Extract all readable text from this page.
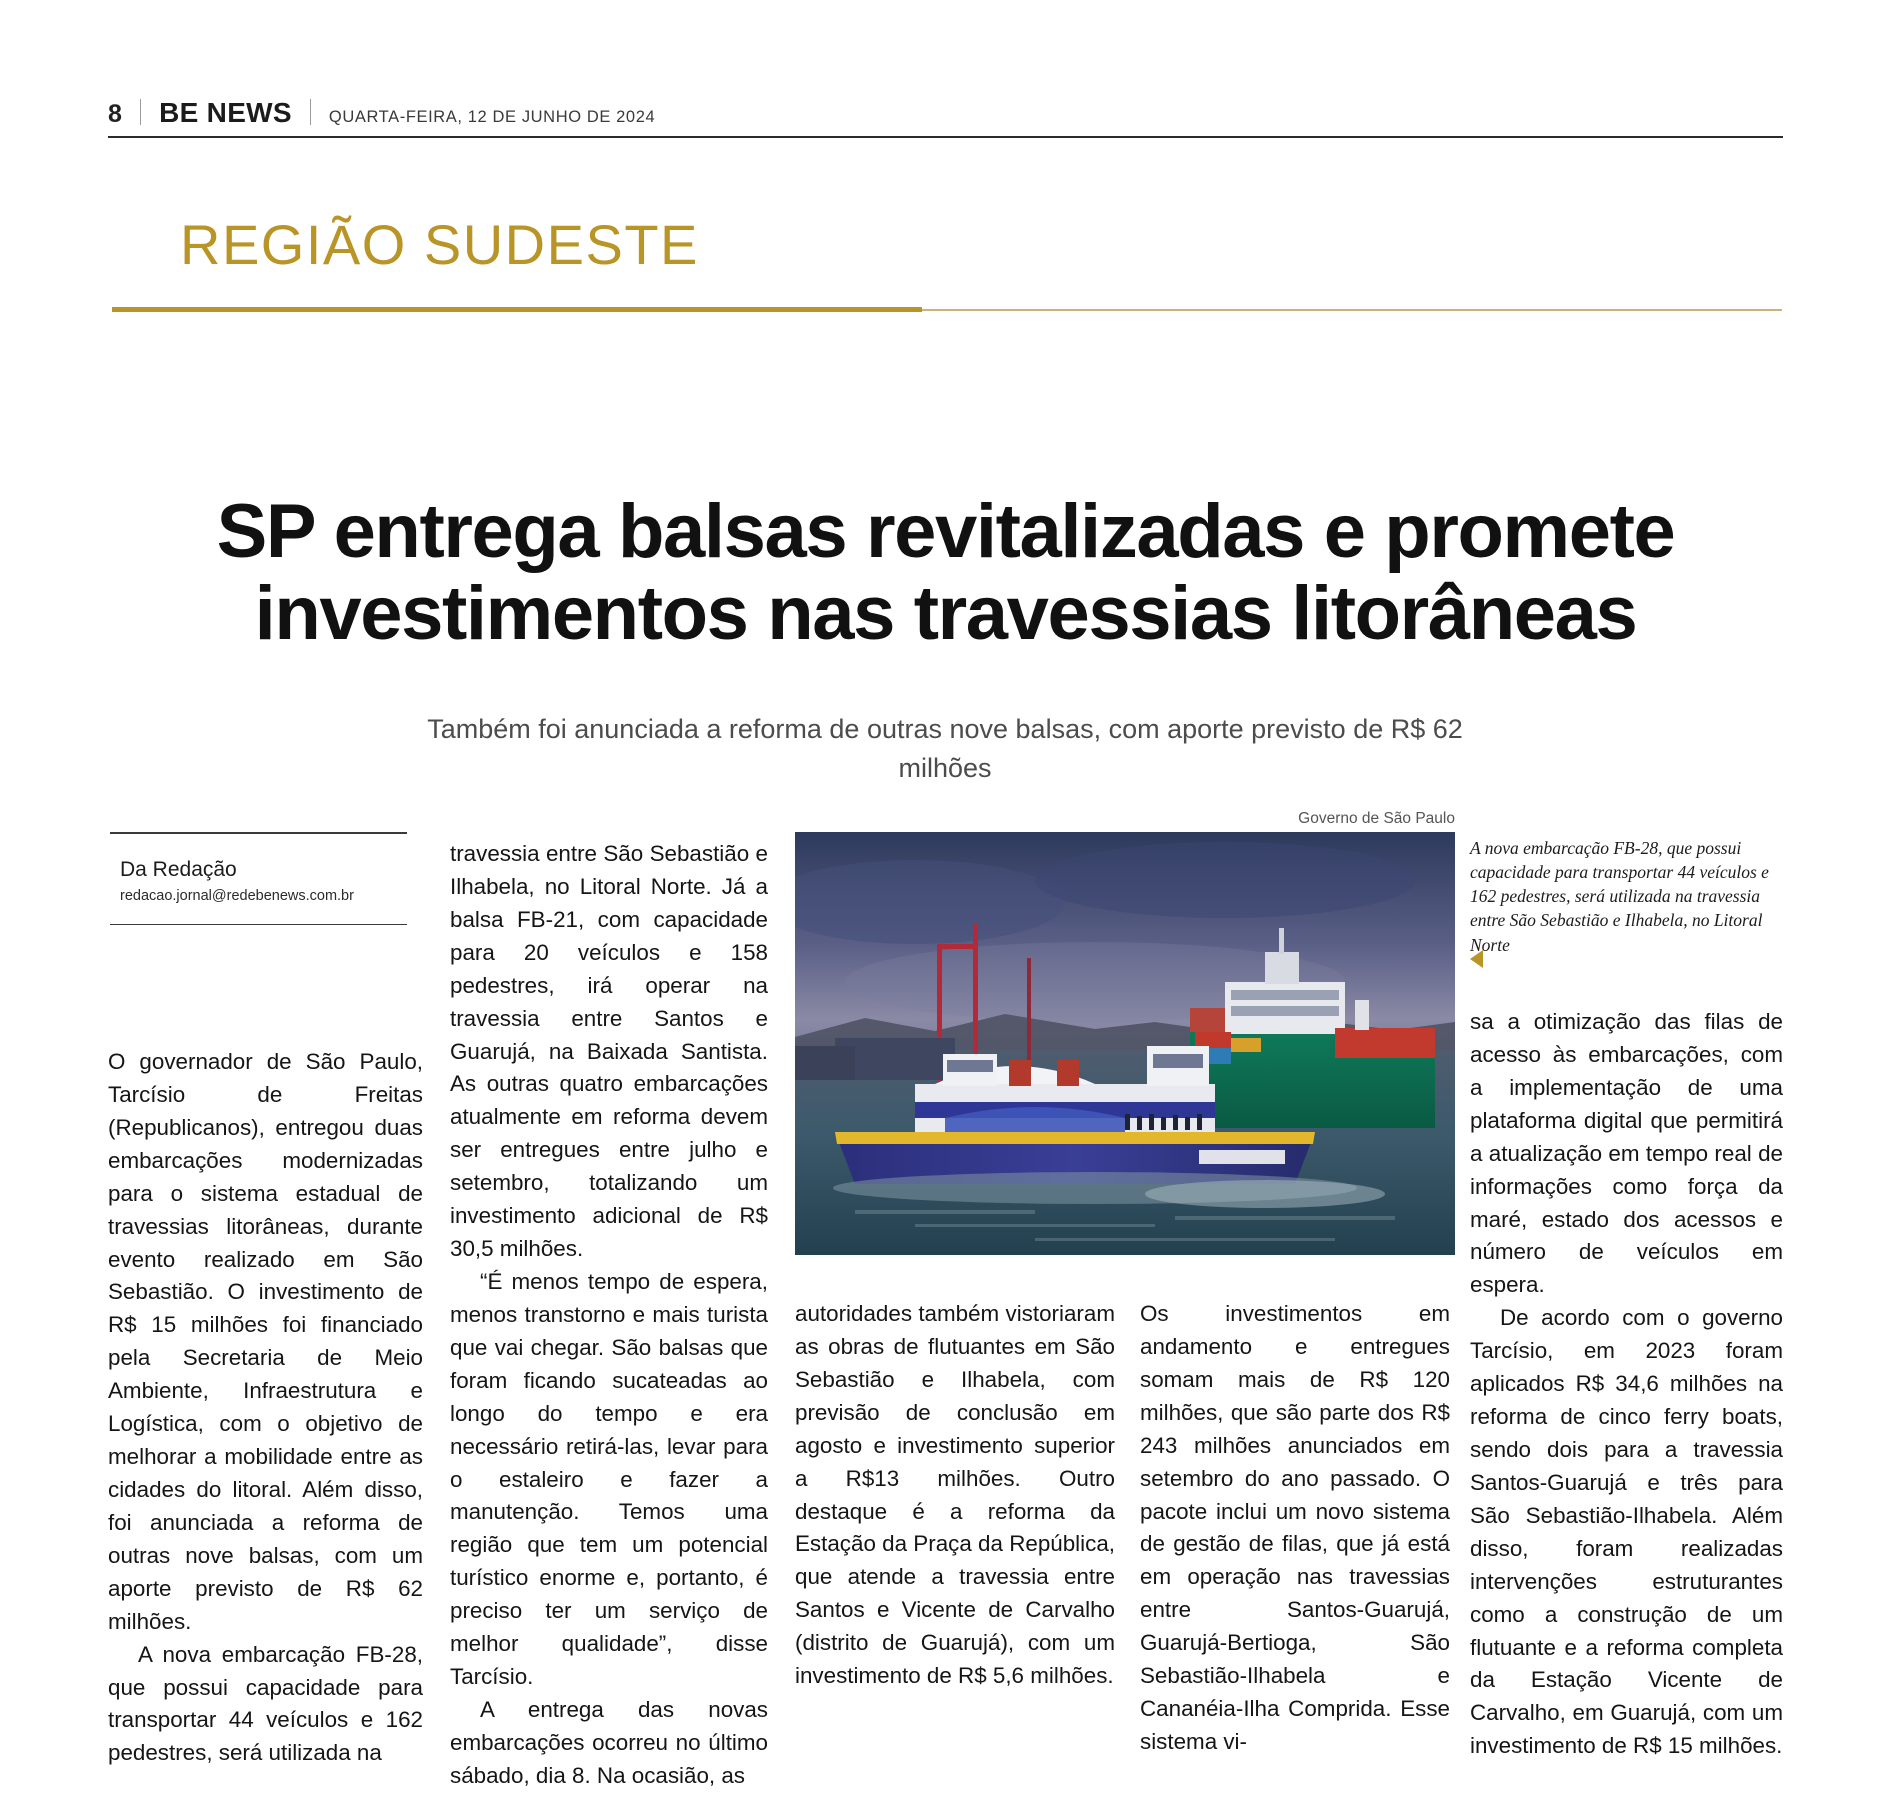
8 BE NEWS QUARTA-FEIRA, 12 DE JUNHO DE 2024
REGIÃO SUDESTE
SP entrega balsas revitalizadas e promete investimentos nas travessias litorâneas
Também foi anunciada a reforma de outras nove balsas, com aporte previsto de R$ 62 milhões
Da Redação
redacao.jornal@redebenews.com.br
Governo de São Paulo
A nova embarcação FB-28, que possui capacidade para transportar 44 veículos e 162 pedestres, será utilizada na travessia entre São Sebastião e Ilhabela, no Litoral Norte

O governador de São Paulo, Tarcísio de Freitas (Republicanos), entregou duas embarcações modernizadas para o sistema estadual de travessias litorâneas, durante evento realizado em São Sebastião. O investimento de R$ 15 milhões foi financiado pela Secretaria de Meio Ambiente, Infraestrutura e Logística, com o objetivo de melhorar a mobilidade entre as cidades do litoral. Além disso, foi anunciada a reforma de outras nove balsas, com um aporte previsto de R$ 62 milhões.

A nova embarcação FB-28, que possui capacidade para transportar 44 veículos e 162 pedestres, será utilizada na

travessia entre São Sebastião e Ilhabela, no Litoral Norte. Já a balsa FB-21, com capacidade para 20 veículos e 158 pedestres, irá operar na travessia entre Santos e Guarujá, na Baixada Santista. As outras quatro embarcações atualmente em reforma devem ser entregues entre julho e setembro, totalizando um investimento adicional de R$ 30,5 milhões.

“É menos tempo de espera, menos transtorno e mais turista que vai chegar. São balsas que foram ficando sucateadas ao longo do tempo e era necessário retirá-las, levar para o estaleiro e fazer a manutenção. Temos uma região que tem um potencial turístico enorme e, portanto, é preciso ter um serviço de melhor qualidade”, disse Tarcísio.

A entrega das novas embarcações ocorreu no último sábado, dia 8. Na ocasião, as

autoridades também vistoriaram as obras de flutuantes em São Sebastião e Ilhabela, com previsão de conclusão em agosto e investimento superior a R$13 milhões. Outro destaque é a reforma da Estação da Praça da República, que atende a travessia entre Santos e Vicente de Carvalho (distrito de Guarujá), com um investimento de R$ 5,6 milhões.

Os investimentos em andamento e entregues somam mais de R$ 120 milhões, que são parte dos R$ 243 milhões anunciados em setembro do ano passado. O pacote inclui um novo sistema de gestão de filas, que já está em operação nas travessias entre Santos-Guarujá, Guarujá-Bertioga, São Sebastião-Ilhabela e Cananéia-Ilha Comprida. Esse sistema vi-

sa a otimização das filas de acesso às embarcações, com a implementação de uma plataforma digital que permitirá a atualização em tempo real de informações como força da maré, estado dos acessos e número de veículos em espera.

De acordo com o governo Tarcísio, em 2023 foram aplicados R$ 34,6 milhões na reforma de cinco ferry boats, sendo dois para a travessia Santos-Guarujá e três para São Sebastião-Ilhabela. Além disso, foram realizadas intervenções estruturantes como a construção de um flutuante e a reforma completa da Estação Vicente de Carvalho, em Guarujá, com um investimento de R$ 15 milhões.
